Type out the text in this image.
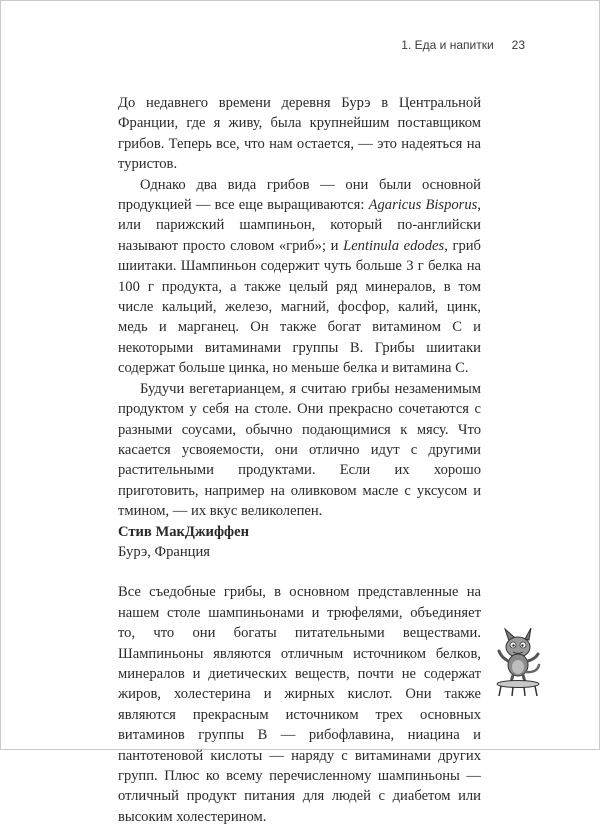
1. Еда и напитки 23

До недавнего времени деревня Бурэ в Центральной Франции, где я живу, была крупнейшим поставщиком грибов. Теперь все, что нам остается, — это надеяться на туристов.

Однако два вида грибов — они были основной продукцией — все еще выращиваются: Agaricus Bisporus, или парижский шампиньон, который по-английски называют просто словом «гриб»; и Lentinula edodes, гриб шиитаки. Шампиньон содержит чуть больше 3 г белка на 100 г продукта, а также целый ряд минералов, в том числе кальций, железо, магний, фосфор, калий, цинк, медь и марганец. Он также богат витамином С и некоторыми витаминами группы В. Грибы шиитаки содержат больше цинка, но меньше белка и витамина С.

Будучи вегетарианцем, я считаю грибы незаменимым продуктом у себя на столе. Они прекрасно сочетаются с разными соусами, обычно подающимися к мясу. Что касается усвояемости, они отлично идут с другими растительными продуктами. Если их хорошо приготовить, например на оливковом масле с уксусом и тмином, — их вкус великолепен.

Стив МакДжиффен

Бурэ, Франция

Все съедобные грибы, в основном представленные на нашем столе шампиньонами и трюфелями, объединяет то, что они богаты питательными веществами. Шампиньоны являются отличным источником белков, минералов и диетических веществ, почти не содержат жиров, холестерина и жирных кислот. Они также являются прекрасным источником трех основных витаминов группы В — рибофлавина, ниацина и пантотеновой кислоты — наряду с витаминами других групп. Плюс ко всему перечисленному шампиньоны — отличный продукт питания для людей с диабетом или высоким холестерином.
